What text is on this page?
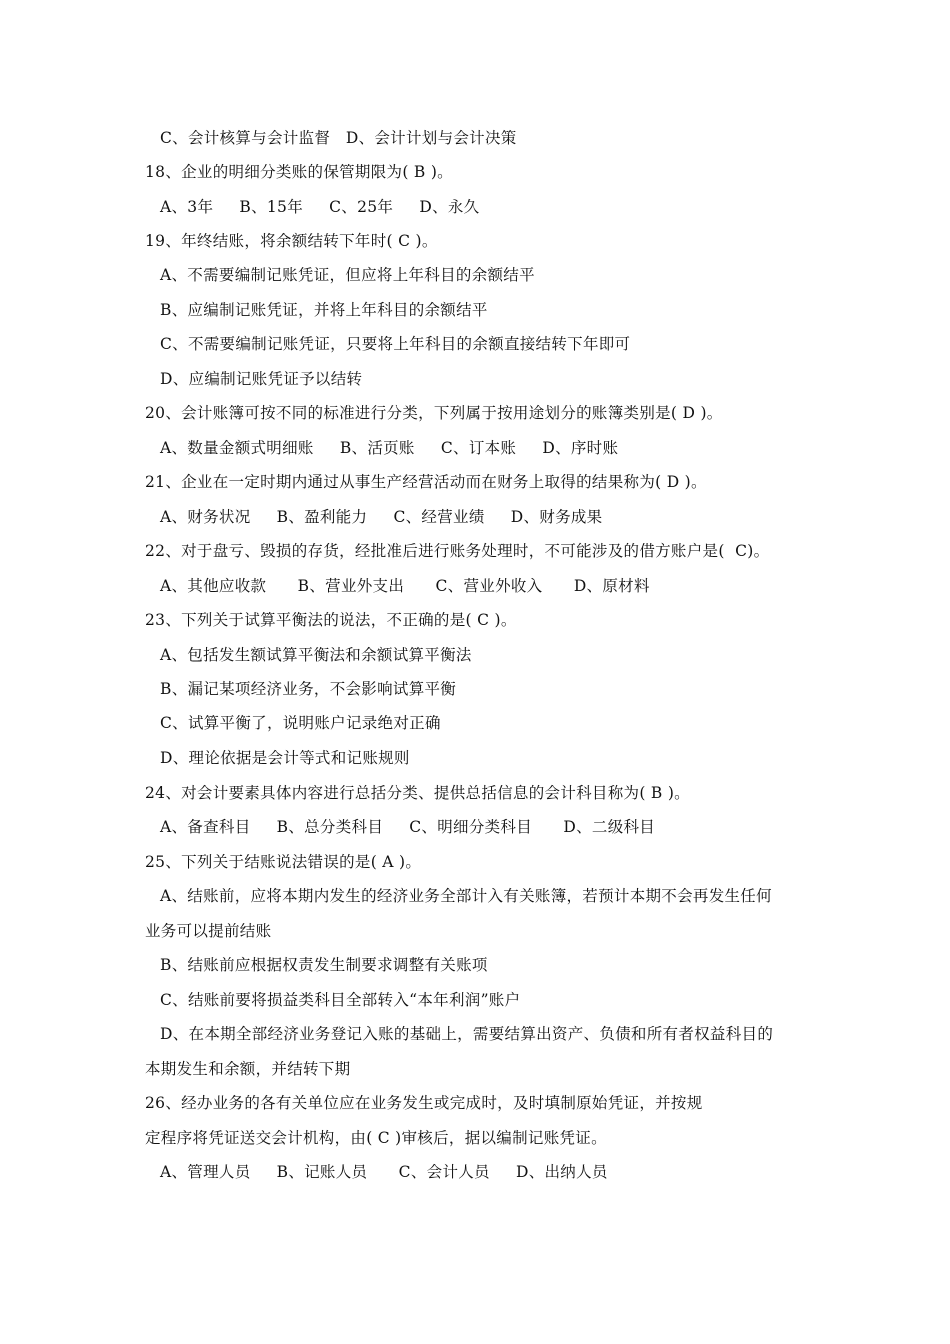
C、会计核算与会计监督   D、会计计划与会计决策
18、企业的明细分类账的保管期限为( B )。
A、3年     B、15年     C、25年     D、永久
19、年终结账，将余额结转下年时( C )。
A、不需要编制记账凭证，但应将上年科目的余额结平
B、应编制记账凭证，并将上年科目的余额结平
C、不需要编制记账凭证，只要将上年科目的余额直接结转下年即可
D、应编制记账凭证予以结转
20、会计账簿可按不同的标准进行分类，下列属于按用途划分的账簿类别是( D )。
A、数量金额式明细账     B、活页账     C、订本账     D、序时账
21、企业在一定时期内通过从事生产经营活动而在财务上取得的结果称为( D )。
A、财务状况     B、盈利能力     C、经营业绩     D、财务成果
22、对于盘亏、毁损的存货，经批准后进行账务处理时，不可能涉及的借方账户是(  C)。
A、其他应收款      B、营业外支出      C、营业外收入      D、原材料
23、下列关于试算平衡法的说法，不正确的是( C )。
A、包括发生额试算平衡法和余额试算平衡法
B、漏记某项经济业务，不会影响试算平衡
C、试算平衡了，说明账户记录绝对正确
D、理论依据是会计等式和记账规则
24、对会计要素具体内容进行总括分类、提供总括信息的会计科目称为( B )。
A、备查科目     B、总分类科目     C、明细分类科目      D、二级科目
25、下列关于结账说法错误的是( A )。
A、结账前，应将本期内发生的经济业务全部计入有关账簿，若预计本期不会再发生任何
业务可以提前结账
B、结账前应根据权责发生制要求调整有关账项
C、结账前要将损益类科目全部转入“本年利润”账户
D、在本期全部经济业务登记入账的基础上，需要结算出资产、负债和所有者权益科目的
本期发生和余额，并结转下期
26、经办业务的各有关单位应在业务发生或完成时，及时填制原始凭证，并按规
定程序将凭证送交会计机构，由( C )审核后，据以编制记账凭证。
A、管理人员     B、记账人员      C、会计人员     D、出纳人员
